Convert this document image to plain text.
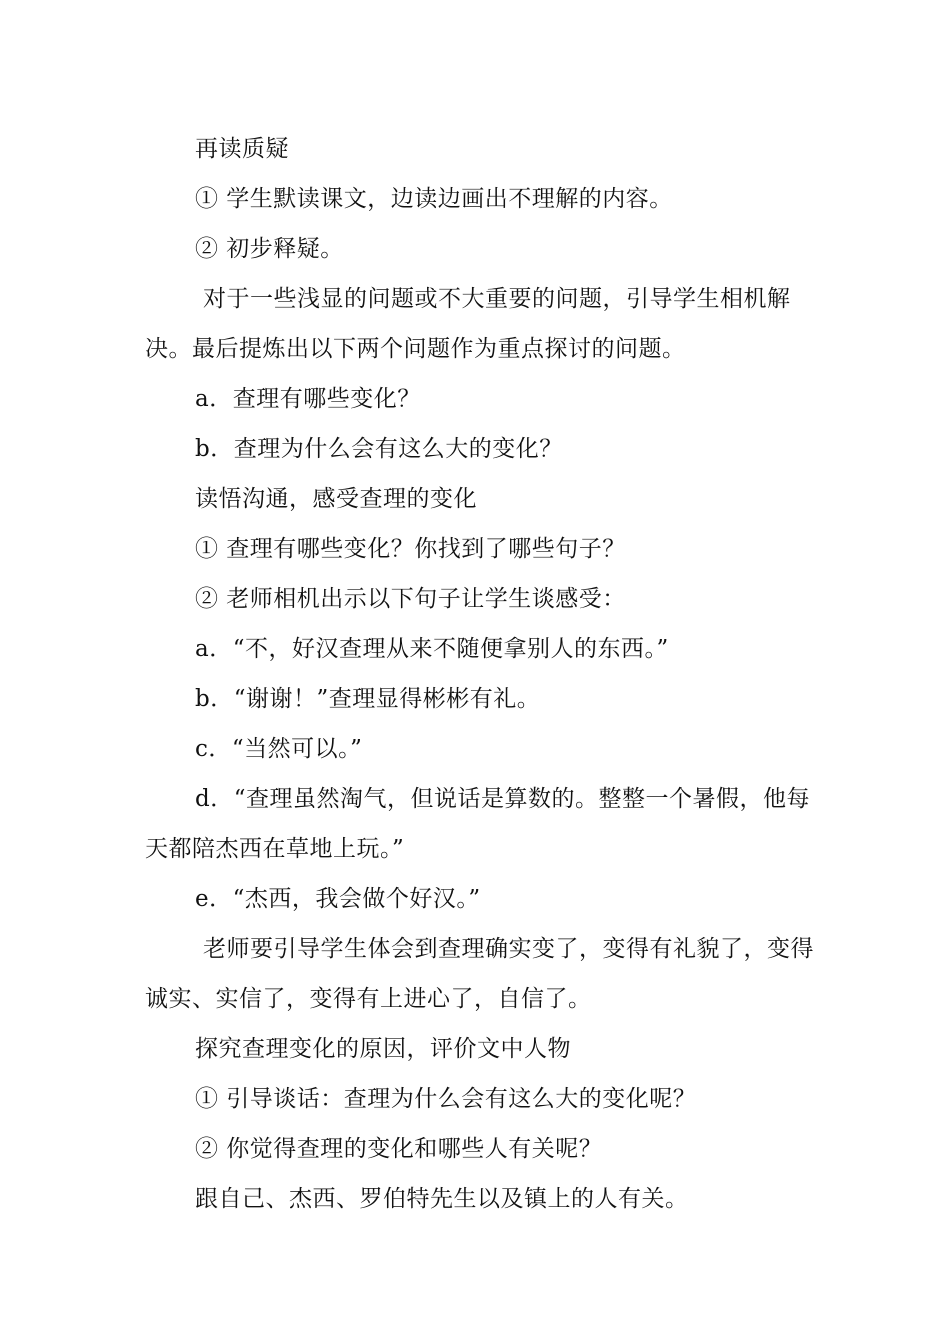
再读质疑

① 学生默读课文，边读边画出不理解的内容。

② 初步释疑。

对于一些浅显的问题或不大重要的问题，引导学生相机解决。最后提炼出以下两个问题作为重点探讨的问题。

a．查理有哪些变化？

b．查理为什么会有这么大的变化？

读悟沟通，感受查理的变化

① 查理有哪些变化？你找到了哪些句子？

② 老师相机出示以下句子让学生谈感受：

a．“不，好汉查理从来不随便拿别人的东西。”

b．“谢谢！”查理显得彬彬有礼。

c．“当然可以。”

d．“查理虽然淘气，但说话是算数的。整整一个暑假，他每天都陪杰西在草地上玩。”

e．“杰西，我会做个好汉。”

老师要引导学生体会到查理确实变了，变得有礼貌了，变得诚实、实信了，变得有上进心了，自信了。

探究查理变化的原因，评价文中人物

① 引导谈话：查理为什么会有这么大的变化呢？

② 你觉得查理的变化和哪些人有关呢？

跟自己、杰西、罗伯特先生以及镇上的人有关。
